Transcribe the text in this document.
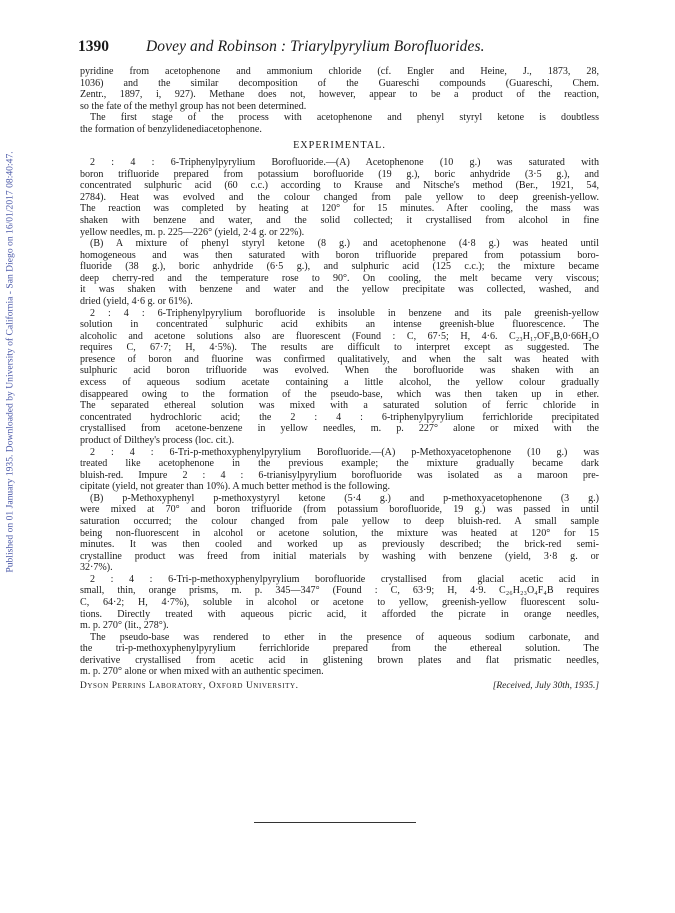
Published on 01 January 1935. Downloaded by University of California - San Diego on 16/01/2017 08:40:47.
1390 Dovey and Robinson : Triarylpyrylium Borofluorides.

pyridine from acetophenone and ammonium chloride (cf. Engler and Heine, J., 1873, 28,

1036) and the similar decomposition of the Guareschi compounds (Guareschi, Chem.

Zentr., 1897, i, 927). Methane does not, however, appear to be a product of the reaction,

so the fate of the methyl group has not been determined.

The first stage of the process with acetophenone and phenyl styryl ketone is doubtless

the formation of benzylidenediacetophenone.

EXPERIMENTAL.

2 : 4 : 6-Triphenylpyrylium Borofluoride.—(A) Acetophenone (10 g.) was saturated with

boron trifluoride prepared from potassium borofluoride (19 g.), boric anhydride (3·5 g.), and

concentrated sulphuric acid (60 c.c.) according to Krause and Nitsche's method (Ber., 1921, 54,

2784). Heat was evolved and the colour changed from pale yellow to deep greenish-yellow.

The reaction was completed by heating at 120° for 15 minutes. After cooling, the mass was

shaken with benzene and water, and the solid collected; it crystallised from alcohol in fine

yellow needles, m. p. 225—226° (yield, 2·4 g. or 22%).

(B) A mixture of phenyl styryl ketone (8 g.) and acetophenone (4·8 g.) was heated until

homogeneous and was then saturated with boron trifluoride prepared from potassium boro-

fluoride (38 g.), boric anhydride (6·5 g.), and sulphuric acid (125 c.c.); the mixture became

deep cherry-red and the temperature rose to 90°. On cooling, the melt became very viscous;

it was shaken with benzene and water and the yellow precipitate was collected, washed, and

dried (yield, 4·6 g. or 61%).

2 : 4 : 6-Triphenylpyrylium borofluoride is insoluble in benzene and its pale greenish-yellow

solution in concentrated sulphuric acid exhibits an intense greenish-blue fluorescence. The

alcoholic and acetone solutions also are fluorescent (Found : C, 67·5; H, 4·6. C₂₃H₁₇OF₄B,0·66H₂O

requires C, 67·7; H, 4·5%). The results are difficult to interpret except as suggested. The

presence of boron and fluorine was confirmed qualitatively, and when the salt was heated with

sulphuric acid boron trifluoride was evolved. When the borofluoride was shaken with an

excess of aqueous sodium acetate containing a little alcohol, the yellow colour gradually

disappeared owing to the formation of the pseudo-base, which was then taken up in ether.

The separated ethereal solution was mixed with a saturated solution of ferric chloride in

concentrated hydrochloric acid; the 2 : 4 : 6-triphenylpyrylium ferrichloride precipitated

crystallised from acetone-benzene in yellow needles, m. p. 227° alone or mixed with the

product of Dilthey's process (loc. cit.).

2 : 4 : 6-Tri-p-methoxyphenylpyrylium Borofluoride.—(A) p-Methoxyacetophenone (10 g.) was

treated like acetophenone in the previous example; the mixture gradually became dark

bluish-red. Impure 2 : 4 : 6-trianisylpyrylium borofluoride was isolated as a maroon pre-

cipitate (yield, not greater than 10%). A much better method is the following.

(B) p-Methoxyphenyl p-methoxystyryl ketone (5·4 g.) and p-methoxyacetophenone (3 g.)

were mixed at 70° and boron trifluoride (from potassium borofluoride, 19 g.) was passed in until

saturation occurred; the colour changed from pale yellow to deep bluish-red. A small sample

being non-fluorescent in alcohol or acetone solution, the mixture was heated at 120° for 15

minutes. It was then cooled and worked up as previously described; the brick-red semi-

crystalline product was freed from initial materials by washing with benzene (yield, 3·8 g. or

32·7%).

2 : 4 : 6-Tri-p-methoxyphenylpyrylium borofluoride crystallised from glacial acetic acid in

small, thin, orange prisms, m. p. 345—347° (Found : C, 63·9; H, 4·9. C₂₆H₂₃O₄F₄B requires

C, 64·2; H, 4·7%), soluble in alcohol or acetone to yellow, greenish-yellow fluorescent solu-

tions. Directly treated with aqueous picric acid, it afforded the picrate in orange needles,

m. p. 270° (lit., 278°).

The pseudo-base was rendered to ether in the presence of aqueous sodium carbonate, and

the tri-p-methoxyphenylpyrylium ferrichloride prepared from the ethereal solution. The

derivative crystallised from acetic acid in glistening brown plates and flat prismatic needles,

m. p. 270° alone or when mixed with an authentic specimen.

Dyson Perrins Laboratory, Oxford University.	[Received, July 30th, 1935.]
